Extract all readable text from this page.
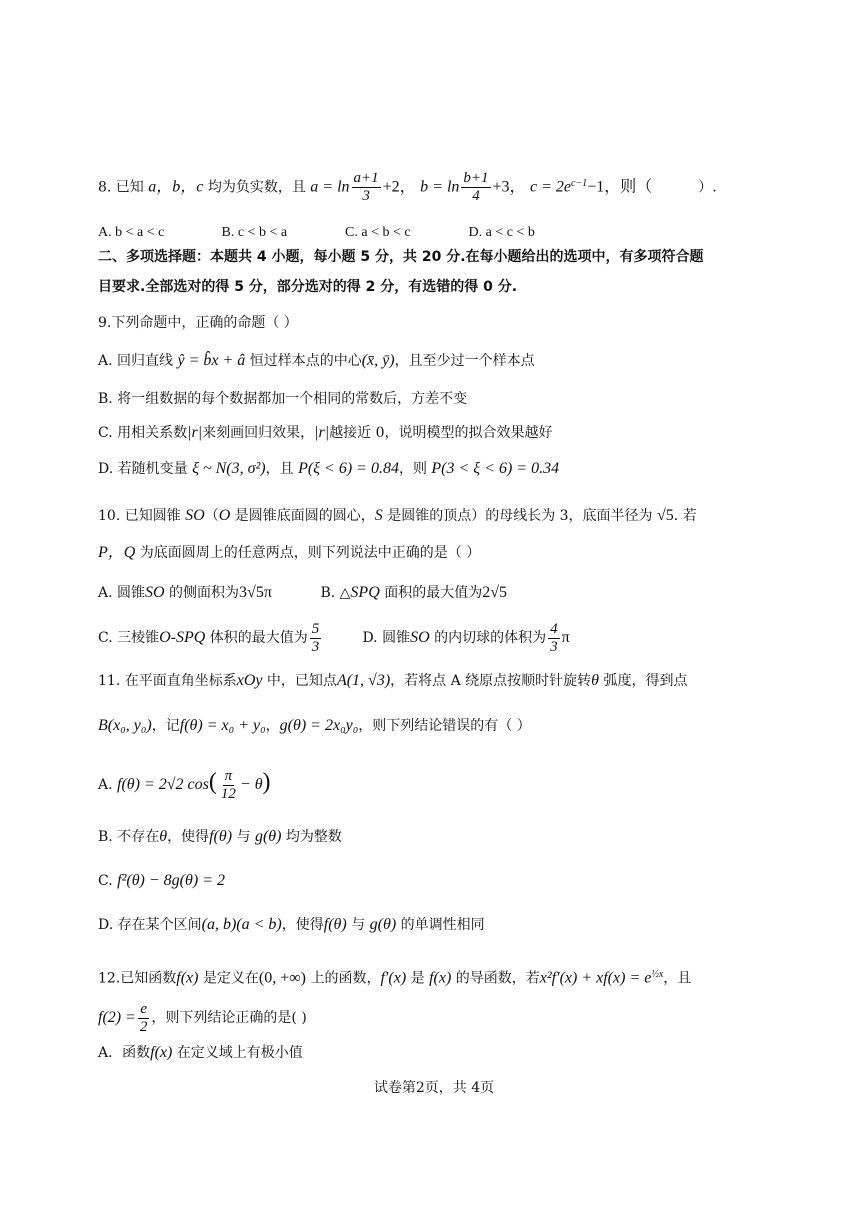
8. 已知 a，b，c 均为负实数，且 $a = \ln \frac{a+1}{3} +2$， $b = \ln \frac{b+1}{4} +3$， $c = 2e^{c-1}-1$，则（	）.
A. b < a < c	B. c < b < a	C. a < b < c	D. a < c < b
二、多项选择题：本题共 4 小题，每小题 5 分，共 20 分.在每小题给出的选项中，有多项符合题
目要求.全部选对的得 5 分，部分选对的得 2 分，有选错的得 0 分.
9.下列命题中，正确的命题（ ）
A. 回归直线 ŷ = b̂x + â 恒过样本点的中心(x̄, ȳ)，且至少过一个样本点
B. 将一组数据的每个数据都加一个相同的常数后，方差不变
C. 用相关系数|r|来刻画回归效果，|r|越接近 0，说明模型的拟合效果越好
D. 若随机变量 ξ ~ N(3, σ²)，且 P(ξ < 6) = 0.84，则 P(3 < ξ < 6) = 0.34
10. 已知圆锥 SO（O 是圆锥底面圆的圆心，S 是圆锥的顶点）的母线长为 3，底面半径为 √5. 若
P，Q 为底面圆周上的任意两点，则下列说法中正确的是（ ）
A. 圆锥SO 的侧面积为3√5π	B. △SPQ 面积的最大值为2√5
C. 三棱锥O-SPQ 体积的最大值为 $\frac{5}{3}$	D. 圆锥SO 的内切球的体积为 $\frac{4}{3}$ π
11. 在平面直角坐标系xOy 中，已知点A(1, √3)，若将点 A 绕原点按顺时针旋转θ 弧度，得到点
B(x₀, y₀)，记f(θ) = x₀ + y₀，g(θ) = 2x₀y₀，则下列结论错误的有（ ）
A. f(θ) = 2√2 $\cos( \frac{\pi}{12} - \theta)$
B. 不存在θ，使得f(θ) 与 g(θ) 均为整数
C. f²(θ) − 8g(θ) = 2
D. 存在某个区间(a, b)(a < b)，使得f(θ) 与 g(θ) 的单调性相同
12.已知函数f(x) 是定义在(0, +∞) 上的函数，f′(x) 是 f(x) 的导函数，若$x^2f'(x) + xf(x) = e^{\frac{1}{2}x}$，且
$f(2) = \frac{e}{2}$ ，则下列结论正确的是( )
A．函数f(x) 在定义域上有极小值
试卷第2页，共 4页
